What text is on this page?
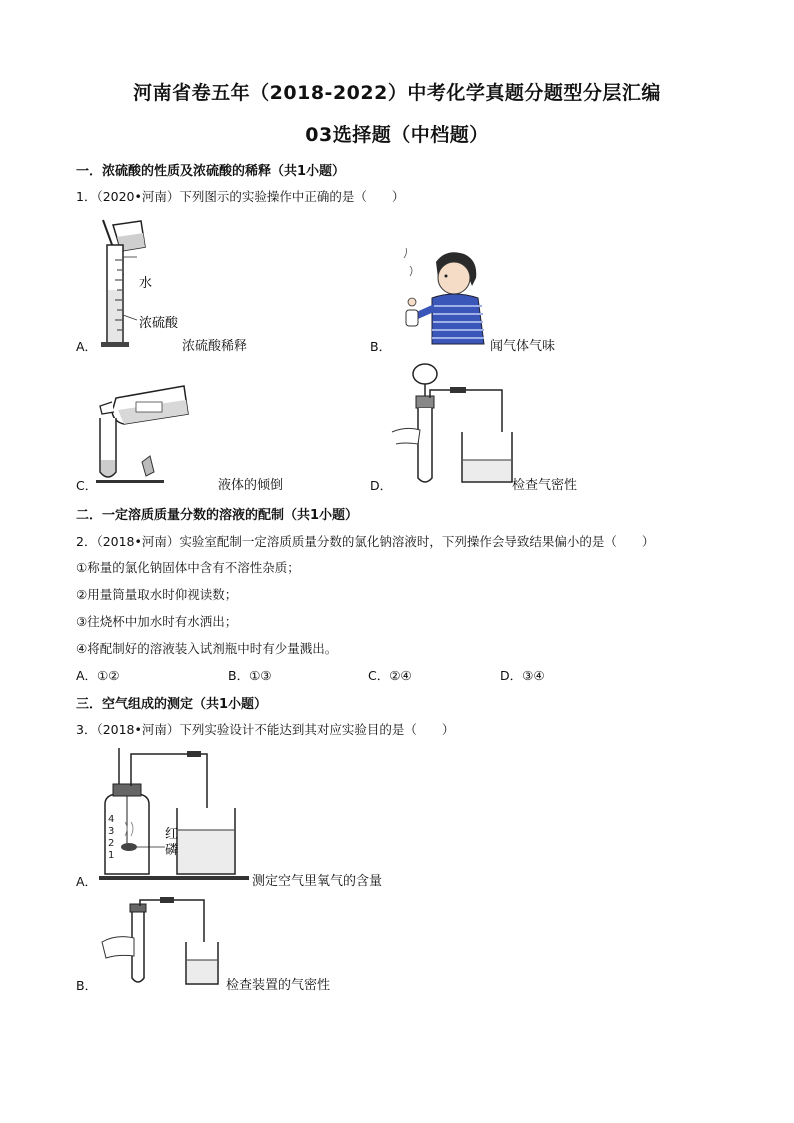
河南省卷五年（2018-2022）中考化学真题分题型分层汇编
03选择题（中档题）
一．浓硫酸的性质及浓硫酸的稀释（共1小题）
1．（2020•河南）下列图示的实验操作中正确的是（　　）
水
浓硫酸
A．	浓硫酸稀释	B．	闻气体气味
C．	液体的倾倒	D．	检查气密性
二．一定溶质质量分数的溶液的配制（共1小题）
2．（2018•河南）实验室配制一定溶质质量分数的氯化钠溶液时，下列操作会导致结果偏小的是（　　）
①称量的氯化钠固体中含有不溶性杂质；
②用量筒量取水时仰视读数；
③往烧杯中加水时有水洒出；
④将配制好的溶液装入试剂瓶中时有少量溅出。
A．①②	B．①③	C．②④	D．③④
三．空气组成的测定（共1小题）
3．（2018•河南）下列实验设计不能达到其对应实验目的是（　　）
4
3
2
1
红
磷
A．	测定空气里氧气的含量
B．	检查装置的气密性
